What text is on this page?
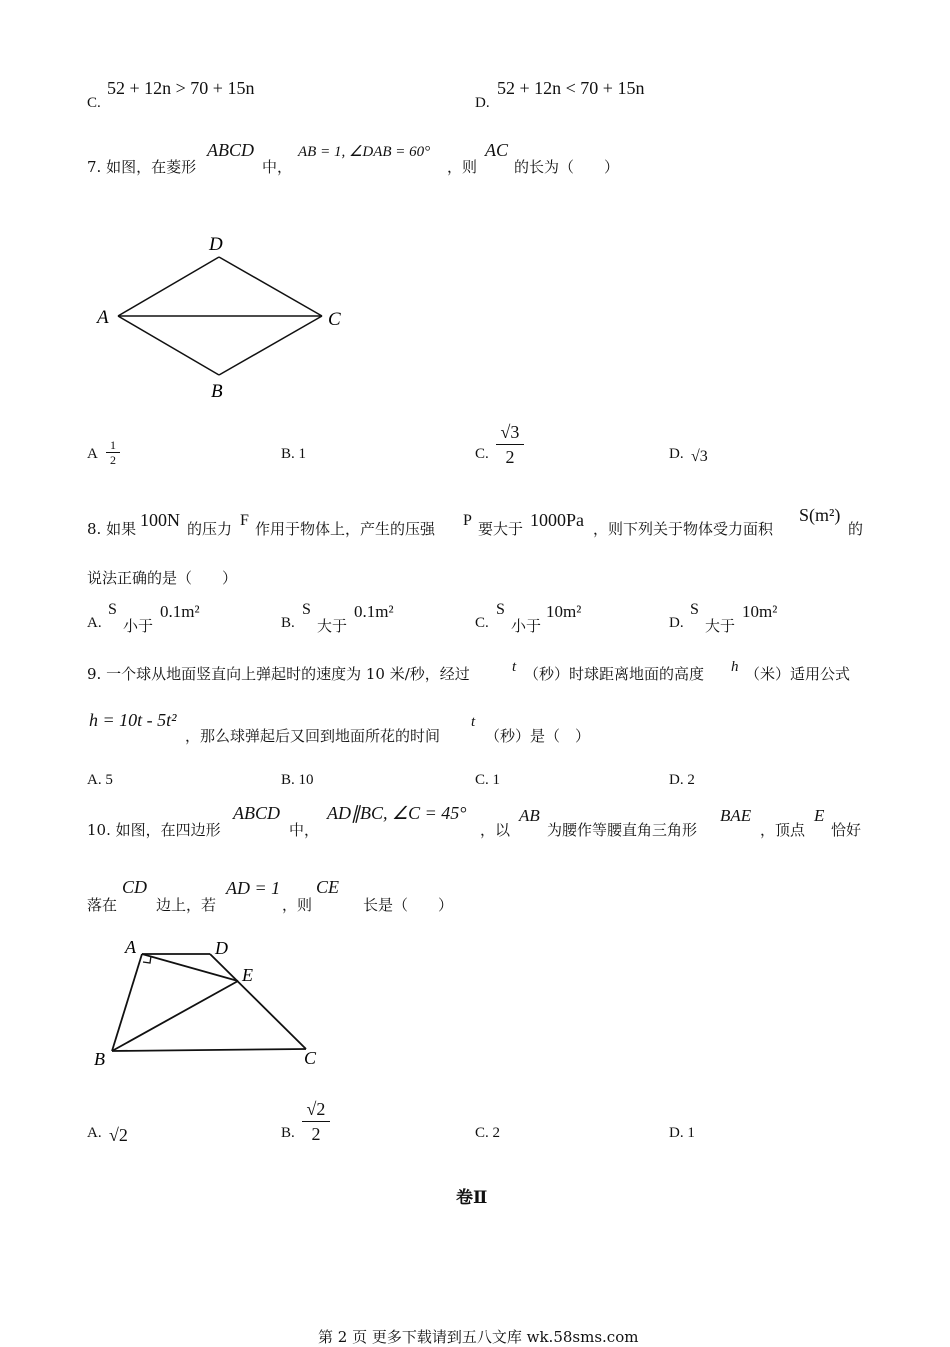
C.
52 + 12n > 70 + 15n
D.
52 + 12n < 70 + 15n
7. 如图，在菱形
ABCD
中，
AB = 1, ∠DAB = 60°
，则
AC
的长为（　　）
D
A	C
B
A $\frac{1}{2}$	B. 1	C. $\frac{√3}{2}$	D. √3
8. 如果 100N 的压力 F 作用于物体上，产生的压强 P 要大于 1000Pa ，则下列关于物体受力面积
S(m²)
的
说法正确的是（　　）
A.
S
小于
0.1m²
B.
S
大于
0.1m²
C.
S
小于
10m²
D.
S
大于
10m²
9. 一个球从地面竖直向上弹起时的速度为 10 米/秒，经过	t （秒）时球距离地面的高度 h （米）适用公式
h = 10t - 5t²
，那么球弹起后又回到地面所花的时间
t
（秒）是（　）
A. 5	B. 10	C. 1	D. 2
10. 如图，在四边形
ABCD
中，
AD∥BC, ∠C = 45°
，以
AB
为腰作等腰直角三角形
BAE
，顶点
E
恰好
落在
CD
边上，若
AD = 1
，则
CE
长是（　　）
A	D
E
B	C
A. √2	B. $\frac{√2}{2}$	C. 2	D. 1
卷Ⅱ
第 2 页 更多下载请到五八文库 wk.58sms.com
